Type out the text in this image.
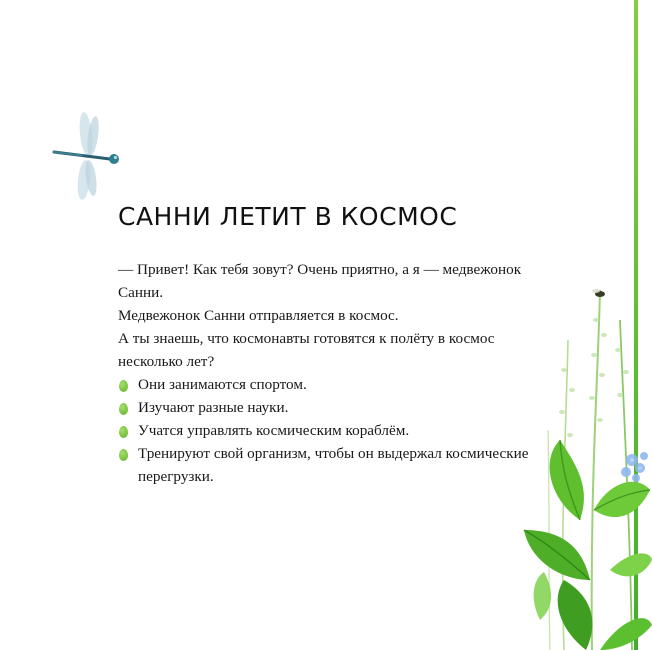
САННИ ЛЕТИТ В КОСМОС

— Привет! Как тебя зовут? Очень приятно, а я — медвежонок Санни.

Медвежонок Санни отправляется в космос.

А ты знаешь, что космонавты готовятся к полёту в космос несколько лет?

Они занимаются спортом.
Изучают разные науки.
Учатся управлять космическим кораблём.
Тренируют свой организм, чтобы он выдержал космические перегрузки.
